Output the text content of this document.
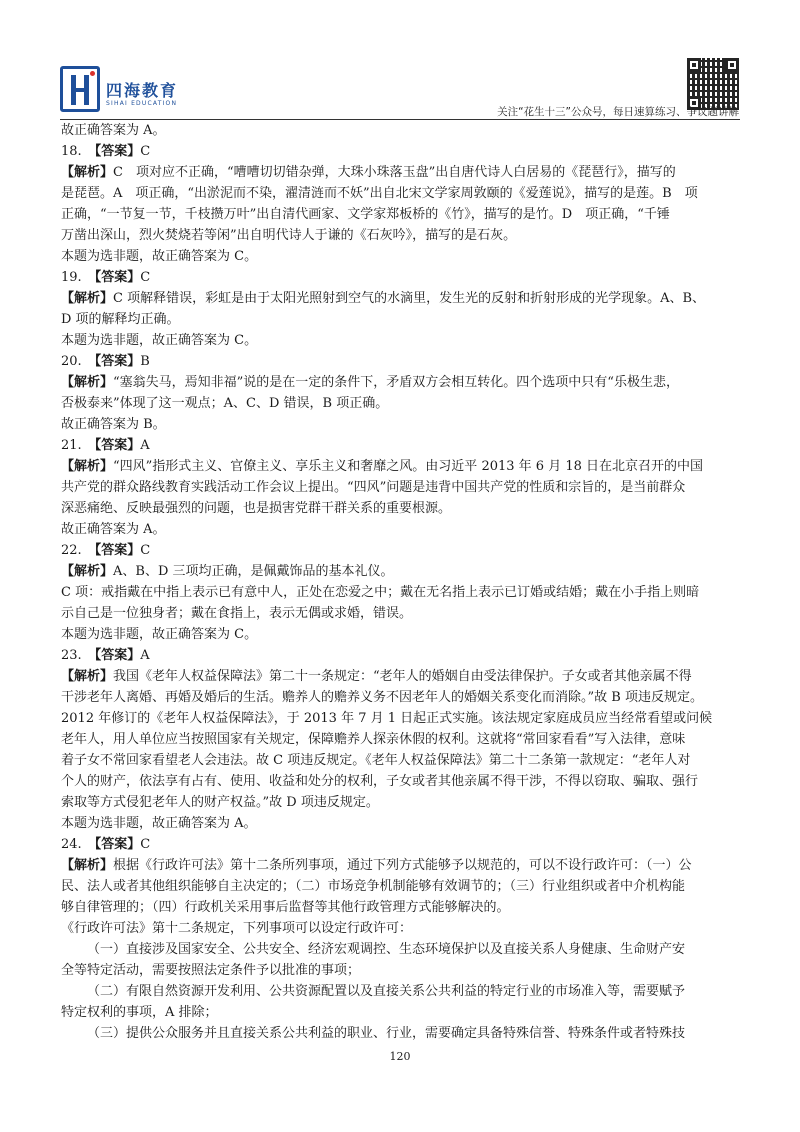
四海教育
SIHAI EDUCATION
关注“花生十三”公众号，每日速算练习、争议题讲解
故正确答案为 A。
18.  【答案】C
【解析】C　项对应不正确，“嘈嘈切切错杂弹，大珠小珠落玉盘”出自唐代诗人白居易的《琵琶行》，描写的
是琵琶。A　项正确，“出淤泥而不染，濯清涟而不妖”出自北宋文学家周敦颐的《爱莲说》，描写的是莲。B　项
正确，“一节复一节，千枝攒万叶”出自清代画家、文学家郑板桥的《竹》，描写的是竹。D　项正确，“千锤
万凿出深山，烈火焚烧若等闲”出自明代诗人于谦的《石灰吟》，描写的是石灰。
本题为选非题，故正确答案为 C。
19.  【答案】C
【解析】C 项解释错误，彩虹是由于太阳光照射到空气的水滴里，发生光的反射和折射形成的光学现象。A、B、
D 项的解释均正确。
本题为选非题，故正确答案为 C。
20.  【答案】B
【解析】“塞翁失马，焉知非福”说的是在一定的条件下，矛盾双方会相互转化。四个选项中只有“乐极生悲，
否极泰来”体现了这一观点；A、C、D 错误，B 项正确。
故正确答案为 B。
21.  【答案】A
【解析】“四风”指形式主义、官僚主义、享乐主义和奢靡之风。由习近平 2013 年 6 月 18 日在北京召开的中国
共产党的群众路线教育实践活动工作会议上提出。“四风”问题是违背中国共产党的性质和宗旨的，是当前群众
深恶痛绝、反映最强烈的问题，也是损害党群干群关系的重要根源。
故正确答案为 A。
22.  【答案】C
【解析】A、B、D 三项均正确，是佩戴饰品的基本礼仪。
C 项：戒指戴在中指上表示已有意中人，正处在恋爱之中；戴在无名指上表示已订婚或结婚；戴在小手指上则暗
示自己是一位独身者；戴在食指上，表示无偶或求婚，错误。
本题为选非题，故正确答案为 C。
23.  【答案】A
【解析】我国《老年人权益保障法》第二十一条规定：“老年人的婚姻自由受法律保护。子女或者其他亲属不得
干涉老年人离婚、再婚及婚后的生活。赡养人的赡养义务不因老年人的婚姻关系变化而消除。”故 B 项违反规定。
2012 年修订的《老年人权益保障法》，于 2013 年 7 月 1 日起正式实施。该法规定家庭成员应当经常看望或问候
老年人，用人单位应当按照国家有关规定，保障赡养人探亲休假的权利。这就将“常回家看看”写入法律，意味
着子女不常回家看望老人会违法。故 C 项违反规定。《老年人权益保障法》第二十二条第一款规定：“老年人对
个人的财产，依法享有占有、使用、收益和处分的权利，子女或者其他亲属不得干涉，不得以窃取、骗取、强行
索取等方式侵犯老年人的财产权益。”故 D 项违反规定。
本题为选非题，故正确答案为 A。
24.  【答案】C
【解析】根据《行政许可法》第十二条所列事项，通过下列方式能够予以规范的，可以不设行政许可：（一）公
民、法人或者其他组织能够自主决定的；（二）市场竞争机制能够有效调节的；（三）行业组织或者中介机构能
够自律管理的；（四）行政机关采用事后监督等其他行政管理方式能够解决的。
《行政许可法》第十二条规定，下列事项可以设定行政许可：
（一）直接涉及国家安全、公共安全、经济宏观调控、生态环境保护以及直接关系人身健康、生命财产安
全等特定活动，需要按照法定条件予以批准的事项；
（二）有限自然资源开发利用、公共资源配置以及直接关系公共利益的特定行业的市场准入等，需要赋予
特定权利的事项，A 排除；
（三）提供公众服务并且直接关系公共利益的职业、行业，需要确定具备特殊信誉、特殊条件或者特殊技
120
